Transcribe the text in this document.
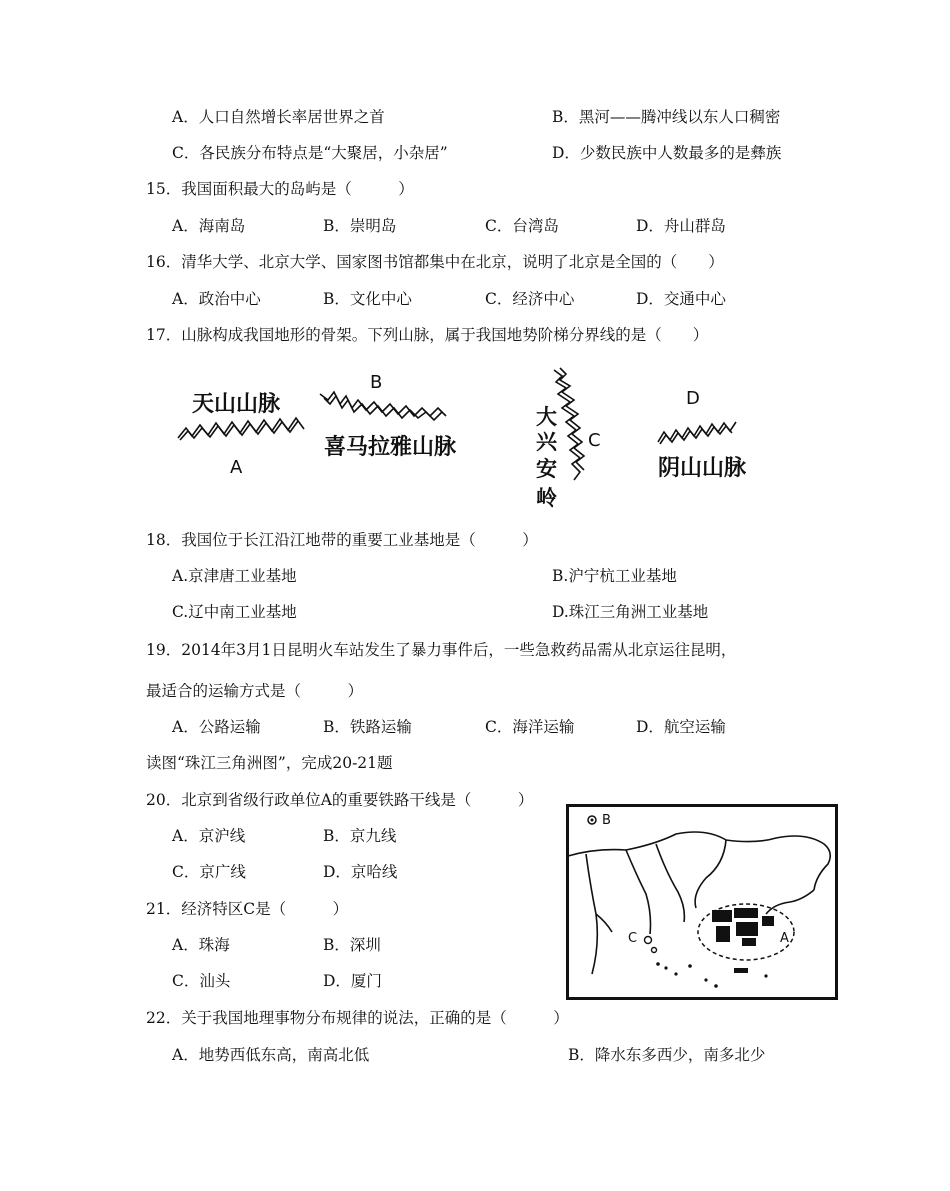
A．人口自然增长率居世界之首	B．黑河——腾冲线以东人口稠密
C．各民族分布特点是“大聚居，小杂居”	D．少数民族中人数最多的是彝族
15．我国面积最大的岛屿是（　　　）
A．海南岛	B．崇明岛	C．台湾岛	D．舟山群岛
16．清华大学、北京大学、国家图书馆都集中在北京，说明了北京是全国的（　　）
A．政治中心	B．文化中心	C．经济中心	D．交通中心
17．山脉构成我国地形的骨架。下列山脉，属于我国地势阶梯分界线的是（　　）
天山山脉
A
B
喜马拉雅山脉
大
兴
安
岭
C
D
阴山山脉
18．我国位于长江沿江地带的重要工业基地是（　　　）
A.京津唐工业基地	B.沪宁杭工业基地
C.辽中南工业基地	D.珠江三角洲工业基地
19．2014年3月1日昆明火车站发生了暴力事件后，一些急救药品需从北京运往昆明，
最适合的运输方式是（　　　）
A．公路运输	B．铁路运输	C．海洋运输	D．航空运输
读图“珠江三角洲图”，完成20-21题
20．北京到省级行政单位A的重要铁路干线是（　　　）
A．京沪线	B．京九线
C．京广线	D．京哈线
21．经济特区C是（　　　）
A．珠海	B．深圳
C．汕头	D．厦门
B
C	A
22．关于我国地理事物分布规律的说法，正确的是（　　　）
A．地势西低东高，南高北低	B．降水东多西少，南多北少
